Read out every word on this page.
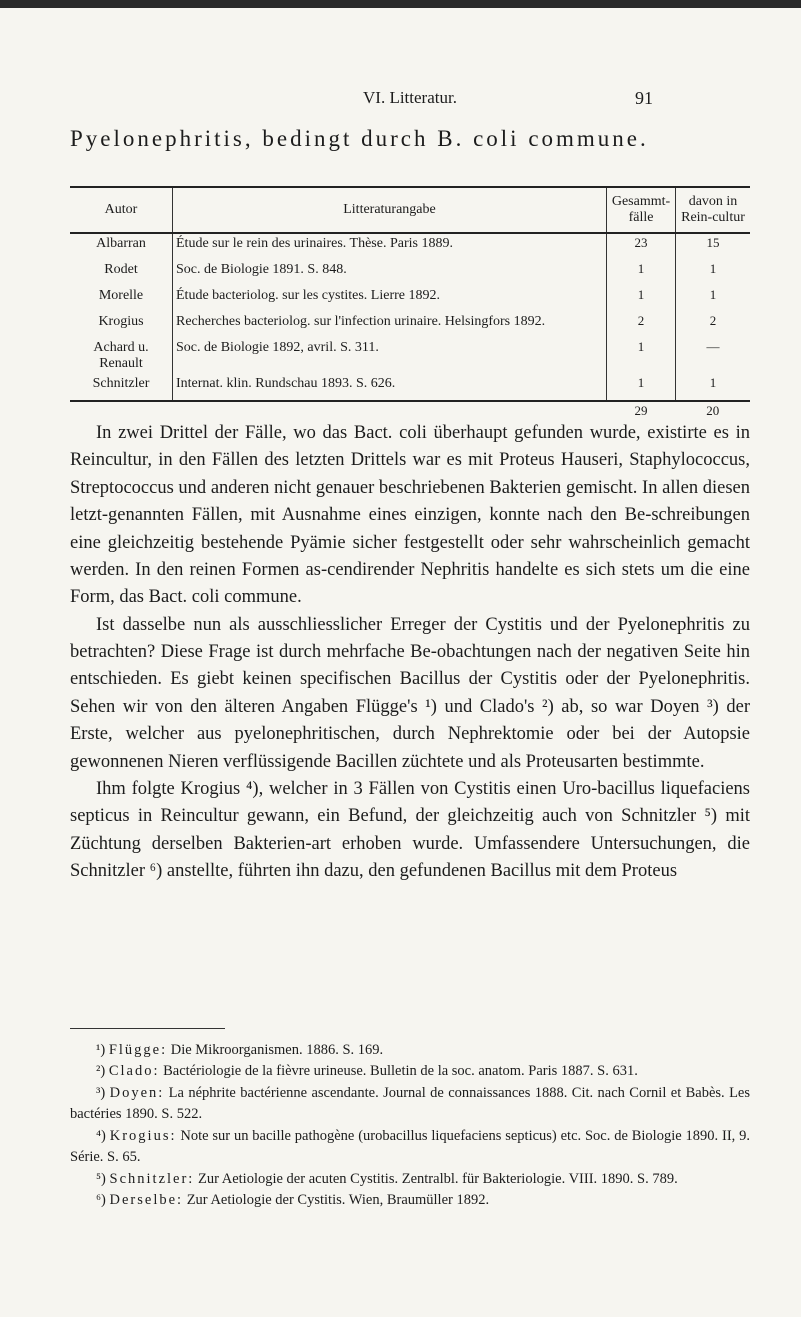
VI. Litteratur.	91
Pyelonephritis, bedingt durch B. coli commune.
Autor	Litteraturangabe	Gesammt-fälle	davon in Rein-cultur
Albarran	Étude sur le rein des urinaires. Thèse. Paris 1889.	23	15
Rodet	Soc. de Biologie 1891. S. 848.	1	1
Morelle	Étude bacteriolog. sur les cystites. Lierre 1892.	1	1
Krogius	Recherches bacteriolog. sur l'infection urinaire. Helsingfors 1892.	2	2
Achard u. Renault	Soc. de Biologie 1892, avril. S. 311.	1	—
Schnitzler	Internat. klin. Rundschau 1893. S. 626.	1	1
		29	20

In zwei Drittel der Fälle, wo das Bact. coli überhaupt gefunden wurde, existirte es in Reincultur, in den Fällen des letzten Drittels war es mit Proteus Hauseri, Staphylococcus, Streptococcus und anderen nicht genauer beschriebenen Bakterien gemischt. In allen diesen letzt-genannten Fällen, mit Ausnahme eines einzigen, konnte nach den Be-schreibungen eine gleichzeitig bestehende Pyämie sicher festgestellt oder sehr wahrscheinlich gemacht werden. In den reinen Formen as-cendirender Nephritis handelte es sich stets um die eine Form, das Bact. coli commune.

Ist dasselbe nun als ausschliesslicher Erreger der Cystitis und der Pyelonephritis zu betrachten? Diese Frage ist durch mehrfache Be-obachtungen nach der negativen Seite hin entschieden. Es giebt keinen specifischen Bacillus der Cystitis oder der Pyelonephritis. Sehen wir von den älteren Angaben Flügge's ¹) und Clado's ²) ab, so war Doyen ³) der Erste, welcher aus pyelonephritischen, durch Nephrektomie oder bei der Autopsie gewonnenen Nieren verflüssigende Bacillen züchtete und als Proteusarten bestimmte.

Ihm folgte Krogius ⁴), welcher in 3 Fällen von Cystitis einen Uro-bacillus liquefaciens septicus in Reincultur gewann, ein Befund, der gleichzeitig auch von Schnitzler ⁵) mit Züchtung derselben Bakterien-art erhoben wurde. Umfassendere Untersuchungen, die Schnitzler ⁶) anstellte, führten ihn dazu, den gefundenen Bacillus mit dem Proteus

¹) Flügge: Die Mikroorganismen. 1886. S. 169.

²) Clado: Bactériologie de la fièvre urineuse. Bulletin de la soc. anatom. Paris 1887. S. 631.

³) Doyen: La néphrite bactérienne ascendante. Journal de connaissances 1888. Cit. nach Cornil et Babès. Les bactéries 1890. S. 522.

⁴) Krogius: Note sur un bacille pathogène (urobacillus liquefaciens septicus) etc. Soc. de Biologie 1890. II, 9. Série. S. 65.

⁵) Schnitzler: Zur Aetiologie der acuten Cystitis. Zentralbl. für Bakteriologie. VIII. 1890. S. 789.

⁶) Derselbe: Zur Aetiologie der Cystitis. Wien, Braumüller 1892.
